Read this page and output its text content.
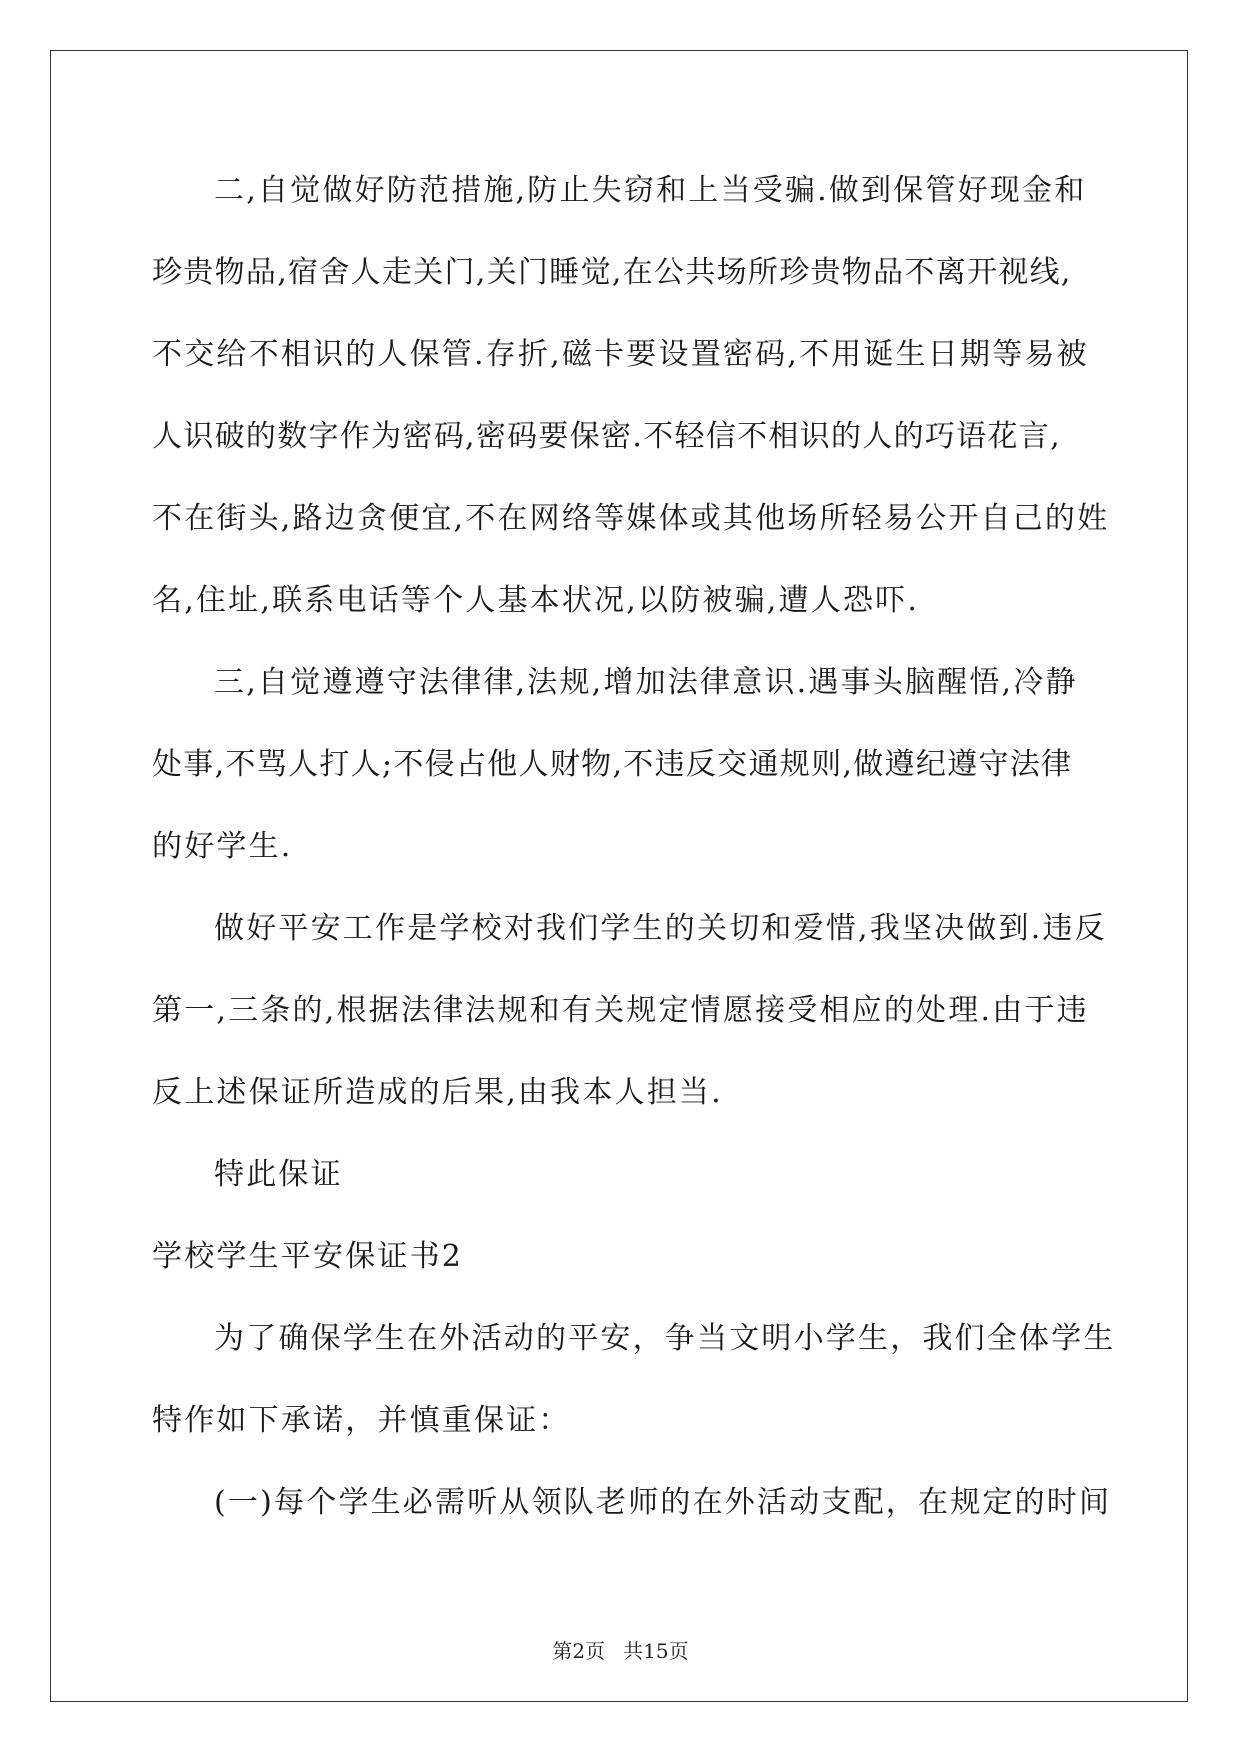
二,自觉做好防范措施,防止失窃和上当受骗.做到保管好现金和
珍贵物品,宿舍人走关门,关门睡觉,在公共场所珍贵物品不离开视线,
不交给不相识的人保管.存折,磁卡要设置密码,不用诞生日期等易被
人识破的数字作为密码,密码要保密.不轻信不相识的人的巧语花言,
不在街头,路边贪便宜,不在网络等媒体或其他场所轻易公开自己的姓
名,住址,联系电话等个人基本状况,以防被骗,遭人恐吓.
三,自觉遵遵守法律律,法规,增加法律意识.遇事头脑醒悟,冷静
处事,不骂人打人;不侵占他人财物,不违反交通规则,做遵纪遵守法律
的好学生.
做好平安工作是学校对我们学生的关切和爱惜,我坚决做到.违反
第一,三条的,根据法律法规和有关规定情愿接受相应的处理.由于违
反上述保证所造成的后果,由我本人担当.
特此保证
学校学生平安保证书2
为了确保学生在外活动的平安，争当文明小学生，我们全体学生
特作如下承诺，并慎重保证：
(一)每个学生必需听从领队老师的在外活动支配，在规定的时间
第2页 共15页
